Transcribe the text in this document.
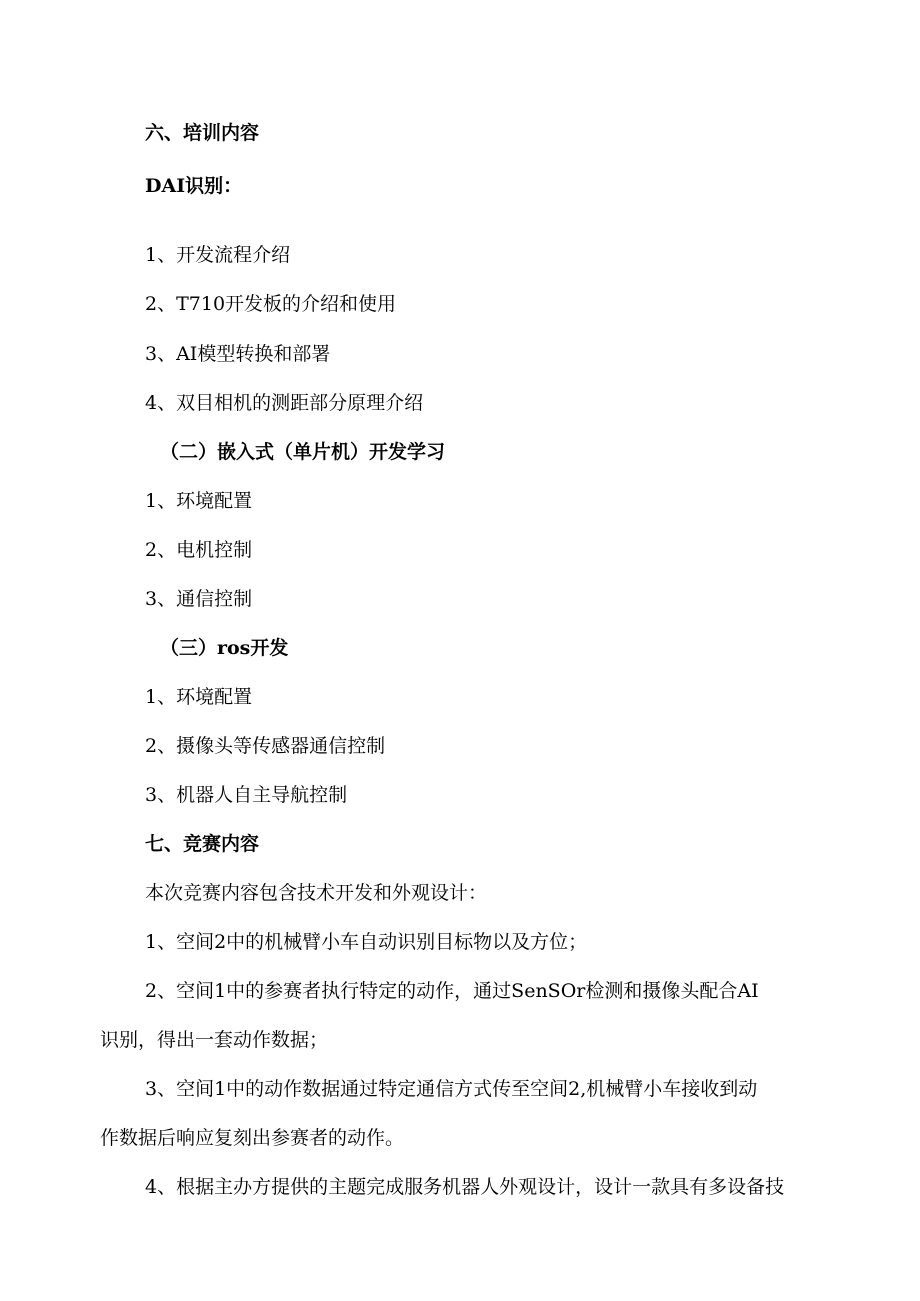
六、培训内容
DAI识别：
1、开发流程介绍
2、T710开发板的介绍和使用
3、AI模型转换和部署
4、双目相机的测距部分原理介绍
（二）嵌入式（单片机）开发学习
1、环境配置
2、电机控制
3、通信控制
（三）ros开发
1、环境配置
2、摄像头等传感器通信控制
3、机器人自主导航控制
七、竞赛内容
本次竞赛内容包含技术开发和外观设计：
1、空间2中的机械臂小车自动识别目标物以及方位；
2、空间1中的参赛者执行特定的动作，通过SenSOr检测和摄像头配合AI
识别，得出一套动作数据；
3、空间1中的动作数据通过特定通信方式传至空间2,机械臂小车接收到动
作数据后响应复刻出参赛者的动作。
4、根据主办方提供的主题完成服务机器人外观设计，设计一款具有多设备技
